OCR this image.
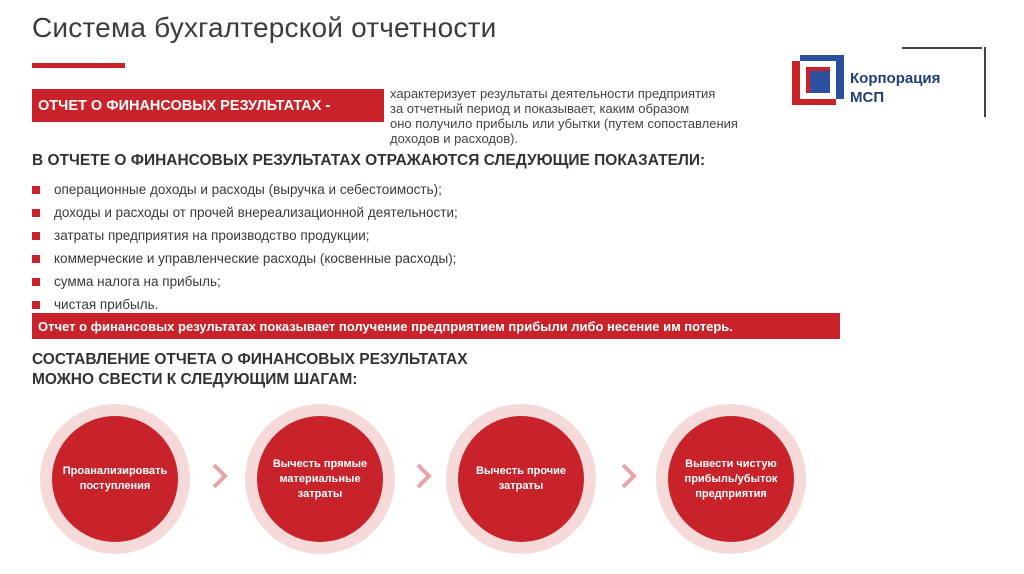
Система бухгалтерской отчетности
Корпорация
МСП
ОТЧЕТ О ФИНАНСОВЫХ РЕЗУЛЬТАТАХ -
характеризует результаты деятельности предприятия
за отчетный период и показывает, каким образом
оно получило прибыль или убытки (путем сопоставления
доходов и расходов).
В ОТЧЕТЕ О ФИНАНСОВЫХ РЕЗУЛЬТАТАХ ОТРАЖАЮТСЯ СЛЕДУЮЩИЕ ПОКАЗАТЕЛИ:
операционные доходы и расходы (выручка и себестоимость);
доходы и расходы от прочей внереализационной деятельности;
затраты предприятия на производство продукции;
коммерческие и управленческие расходы (косвенные расходы);
сумма налога на прибыль;
чистая прибыль.
Отчет о финансовых результатах показывает получение предприятием прибыли либо несение им потерь.
СОСТАВЛЕНИЕ ОТЧЕТА О ФИНАНСОВЫХ РЕЗУЛЬТАТАХ
МОЖНО СВЕСТИ К СЛЕДУЮЩИМ ШАГАМ:
Проанализировать поступления
Вычесть прямые материальные затраты
Вычесть прочие затраты
Вывести чистую прибыль/убыток предприятия
